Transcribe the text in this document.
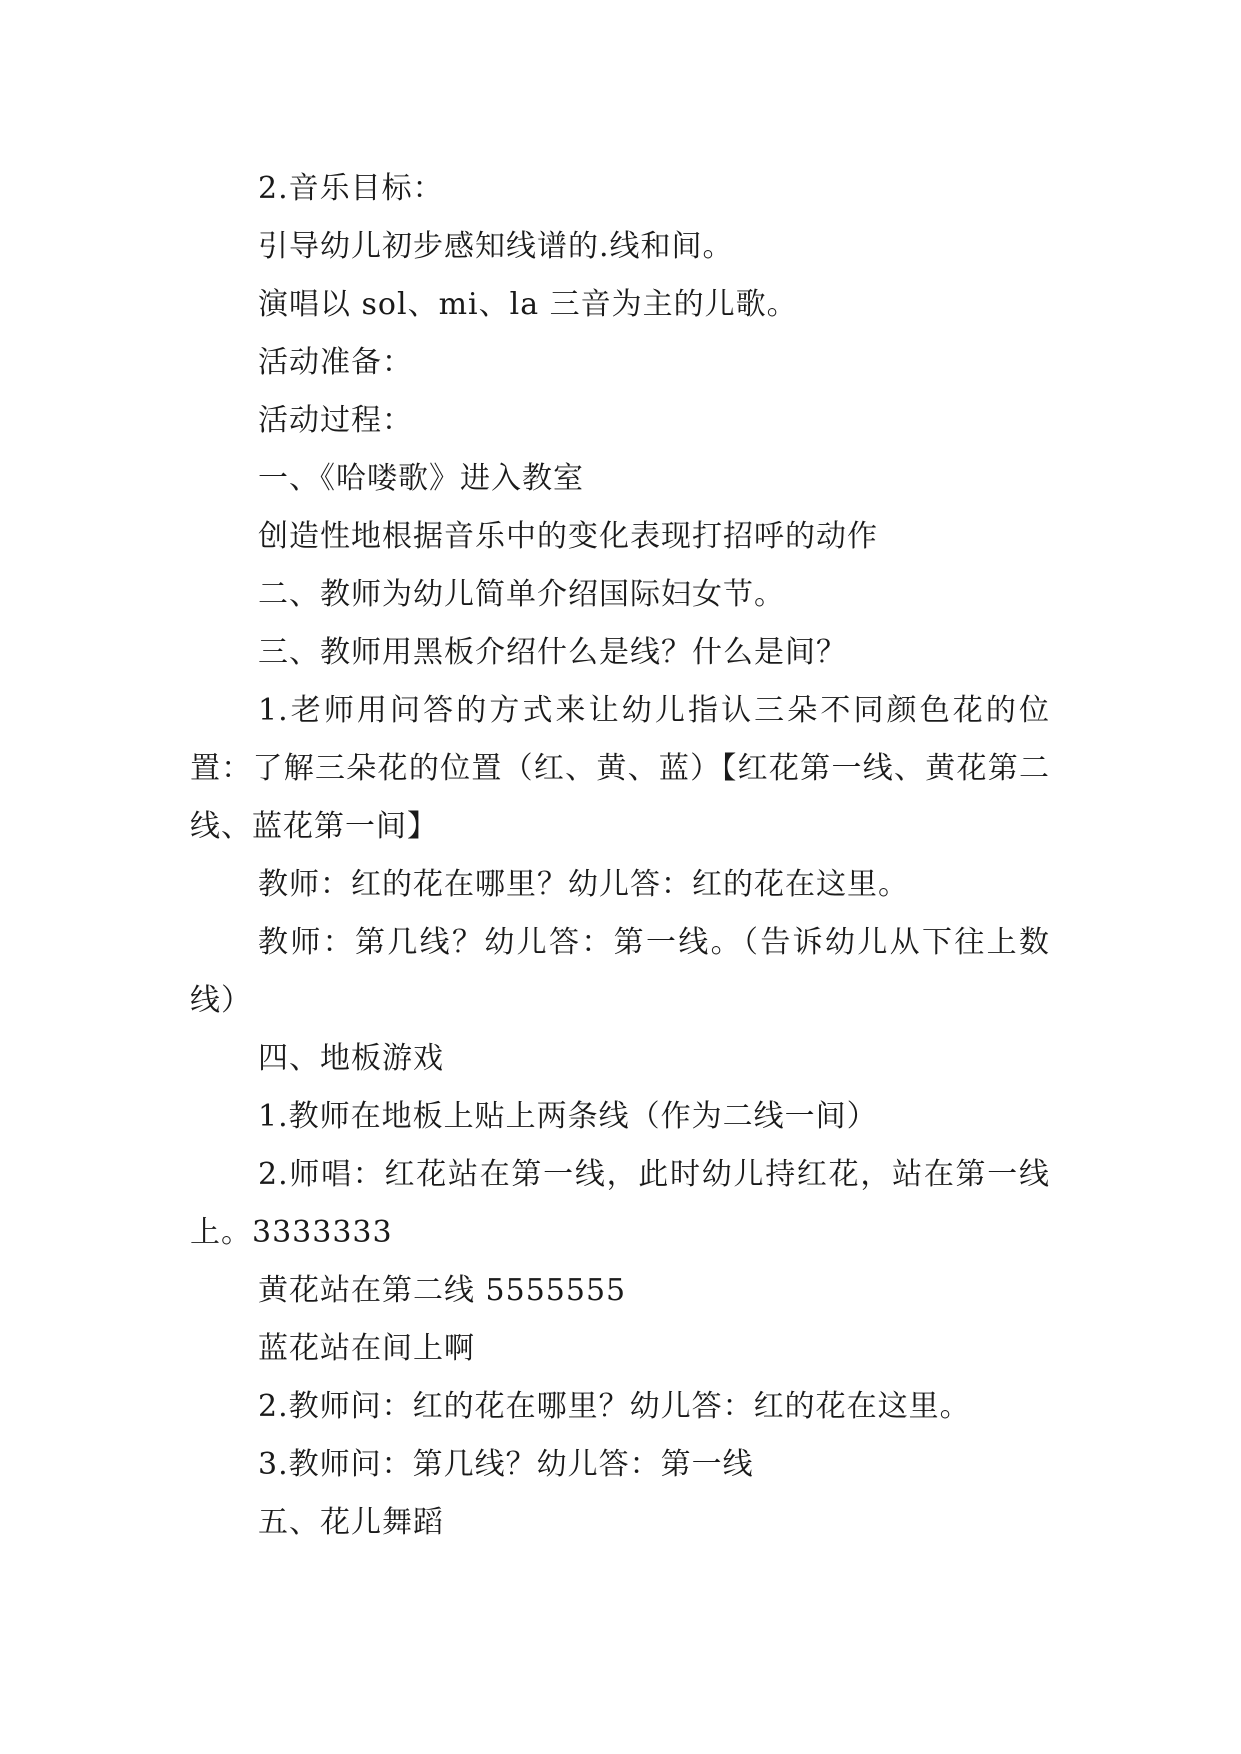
2.音乐目标：

引导幼儿初步感知线谱的.线和间。

演唱以 sol、mi、la 三音为主的儿歌。

活动准备：

活动过程：

一、《哈喽歌》进入教室

创造性地根据音乐中的变化表现打招呼的动作

二、教师为幼儿简单介绍国际妇女节。

三、教师用黑板介绍什么是线？什么是间？

1.老师用问答的方式来让幼儿指认三朵不同颜色花的位置：了解三朵花的位置（红、黄、蓝）【红花第一线、黄花第二线、蓝花第一间】

教师：红的花在哪里？幼儿答：红的花在这里。

教师：第几线？幼儿答：第一线。（告诉幼儿从下往上数线）

四、地板游戏

1.教师在地板上贴上两条线（作为二线一间）

2.师唱：红花站在第一线，此时幼儿持红花，站在第一线上。3333333

黄花站在第二线 5555555

蓝花站在间上啊

2.教师问：红的花在哪里？幼儿答：红的花在这里。

3.教师问：第几线？幼儿答：第一线

五、花儿舞蹈
